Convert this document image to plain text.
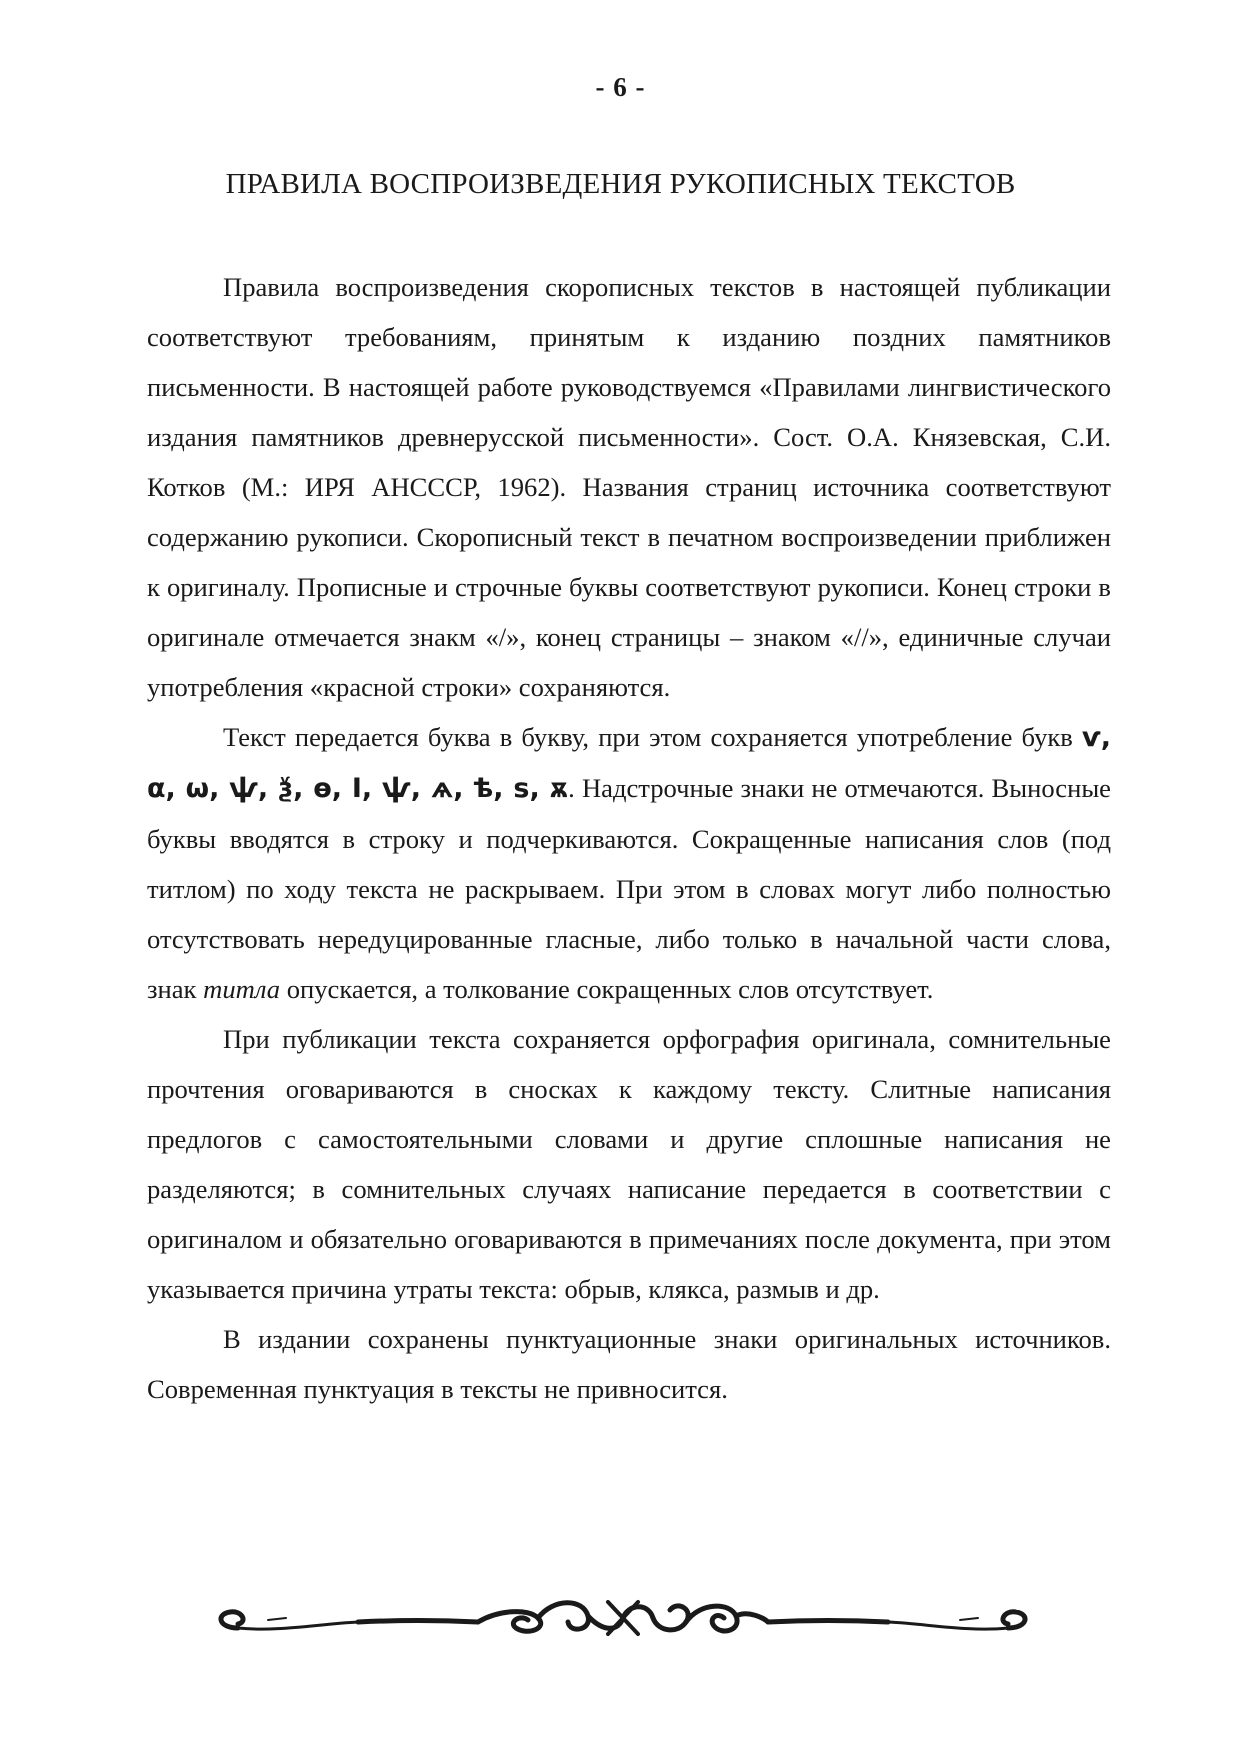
- 6 -
ПРАВИЛА ВОСПРОИЗВЕДЕНИЯ РУКОПИСНЫХ ТЕКСТОВ

Правила воспроизведения скорописных текстов в настоящей публикации соответствуют требованиям, принятым к изданию поздних памятников письменности. В настоящей работе руководствуемся «Правилами лингвистического издания памятников древнерусской письменности». Сост. О.А. Князевская, С.И. Котков (М.: ИРЯ АНСССР, 1962). Названия страниц источника соответствуют содержанию рукописи. Скорописный текст в печатном воспроизведении приближен к оригиналу. Прописные и строчные буквы соответствуют рукописи. Конец строки в оригинале отмечается знакм «/», конец страницы – знаком «//», единичные случаи употребления «красной строки» сохраняются.

Текст передается буква в букву, при этом сохраняется употребление букв ѵ, α, ѡ, ѱ, ѯ, ѳ, І, ѱ, ѧ, ѣ, ѕ, ѫ. Надстрочные знаки не отмечаются. Выносные буквы вводятся в строку и подчеркиваются. Сокращенные написания слов (под титлом) по ходу текста не раскрываем. При этом в словах могут либо полностью отсутствовать нередуцированные гласные, либо только в начальной части слова, знак титла опускается, а толкование сокращенных слов отсутствует.

При публикации текста сохраняется орфография оригинала, сомнительные прочтения оговариваются в сносках к каждому тексту. Слитные написания предлогов с самостоятельными словами и другие сплошные написания не разделяются; в сомнительных случаях написание передается в соответствии с оригиналом и обязательно оговариваются в примечаниях после документа, при этом указывается причина утраты текста: обрыв, клякса, размыв и др.

В издании сохранены пунктуационные знаки оригинальных источников. Современная пунктуация в тексты не привносится.
